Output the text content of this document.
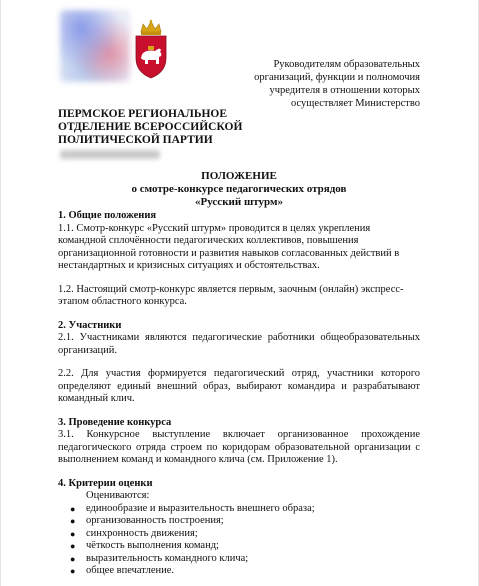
Руководителям образовательных
организаций, функции и полномочия
учредителя в отношении которых
осуществляет Министерство
ПЕРМСКОЕ РЕГИОНАЛЬНОЕ
ОТДЕЛЕНИЕ ВСЕРОССИЙСКОЙ
ПОЛИТИЧЕСКОЙ ПАРТИИ
ПОЛОЖЕНИЕ
о смотре-конкурсе педагогических отрядов
«Русский штурм»

1. Общие положения

1.1. Смотр-конкурс «Русский штурм» проводится в целях укрепления командной сплочённости педагогических коллективов, повышения организационной готовности и развития навыков согласованных действий в нестандартных и кризисных ситуациях и обстоятельствах.

1.2. Настоящий смотр-конкурс является первым, заочным (онлайн) экспресс-этапом областного конкурса.

2. Участники

2.1. Участниками являются педагогические работники общеобразовательных организаций.

2.2. Для участия формируется педагогический отряд, участники которого определяют единый внешний образ, выбирают командира и разрабатывают командный клич.

3. Проведение конкурса

3.1. Конкурсное выступление включает организованное прохождение педагогического отряда строем по коридорам образовательной организации с выполнением команд и командного клича (см. Приложение 1).

4. Критерии оценки

Оцениваются:

● единообразие и выразительность внешнего образа;
● организованность построения;
● синхронность движения;
● чёткость выполнения команд;
● выразительность командного клича;
● общее впечатление.
